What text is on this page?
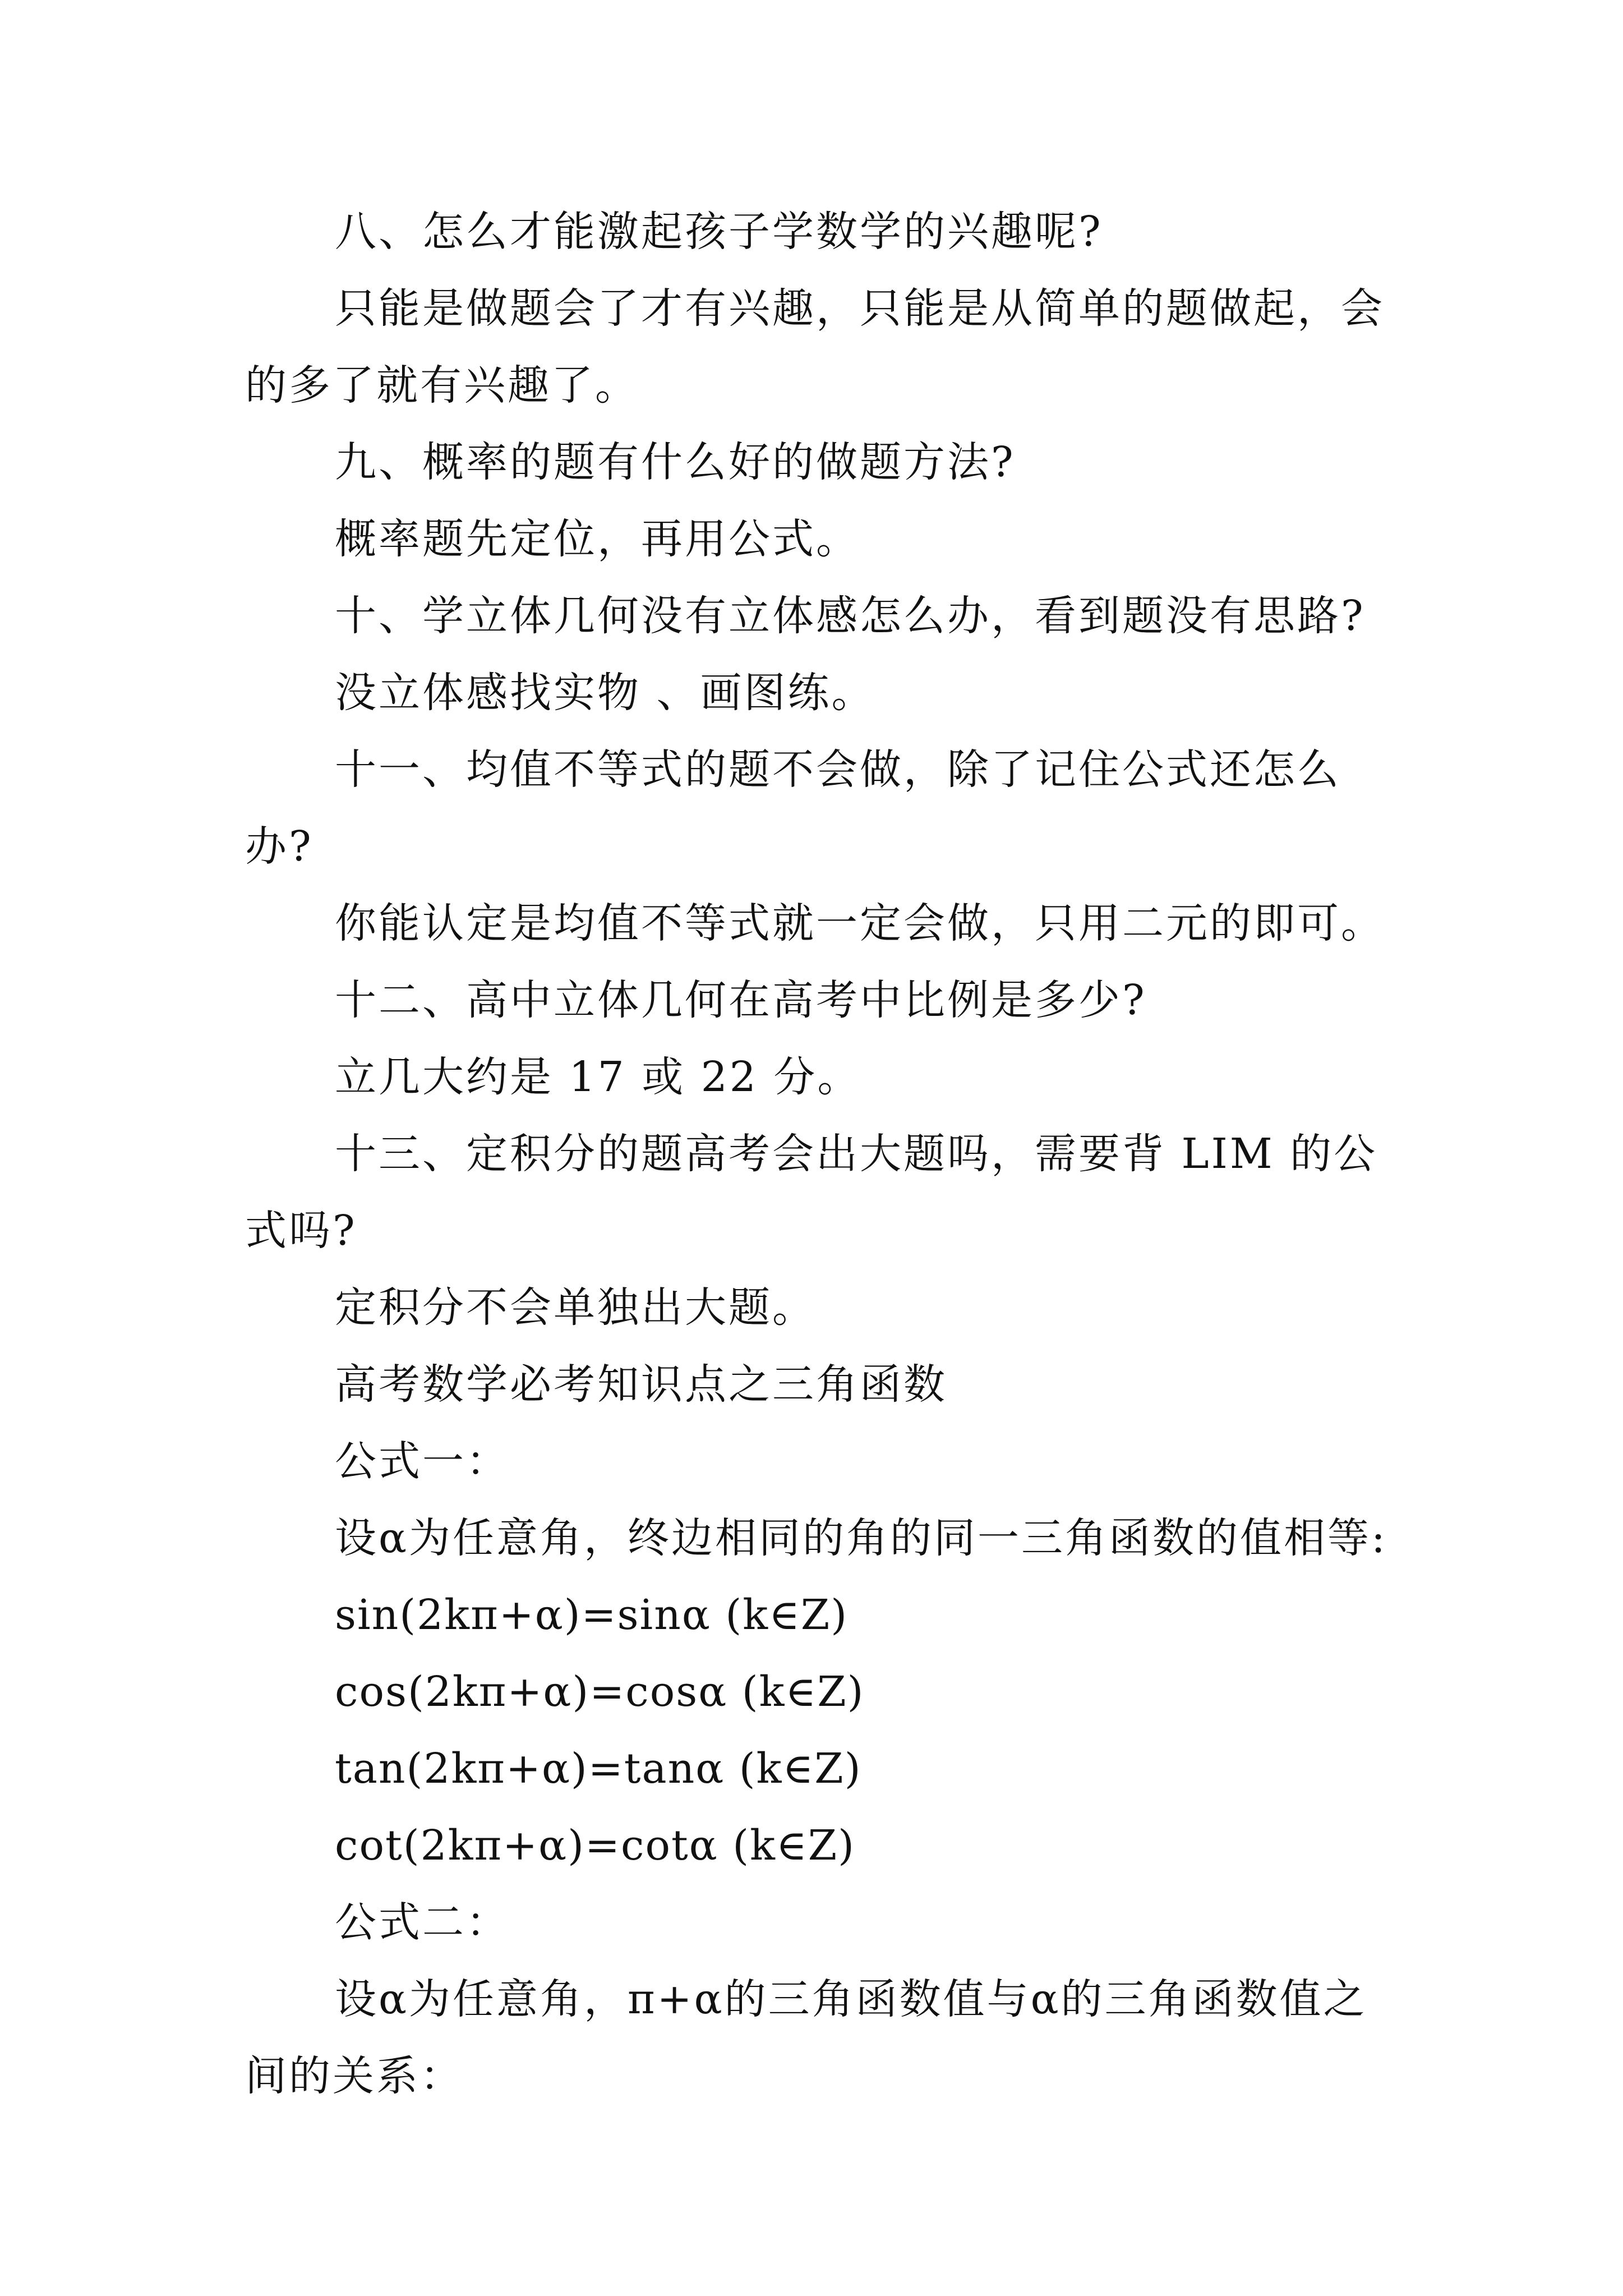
八、怎么才能激起孩子学数学的兴趣呢?

只能是做题会了才有兴趣，只能是从简单的题做起，会的多了就有兴趣了。

九、概率的题有什么好的做题方法?

概率题先定位，再用公式。

十、学立体几何没有立体感怎么办，看到题没有思路?

没立体感找实物 、画图练。

十一、均值不等式的题不会做，除了记住公式还怎么办?

你能认定是均值不等式就一定会做，只用二元的即可。

十二、高中立体几何在高考中比例是多少?

立几大约是 17 或 22 分。

十三、定积分的题高考会出大题吗，需要背 LIM 的公式吗?

定积分不会单独出大题。

高考数学必考知识点之三角函数

公式一：

设α为任意角，终边相同的角的同一三角函数的值相等:

sin(2kπ+α)=sinα (k∈Z)

cos(2kπ+α)=cosα (k∈Z)

tan(2kπ+α)=tanα (k∈Z)

cot(2kπ+α)=cotα (k∈Z)

公式二：

设α为任意角，π+α的三角函数值与α的三角函数值之间的关系：
